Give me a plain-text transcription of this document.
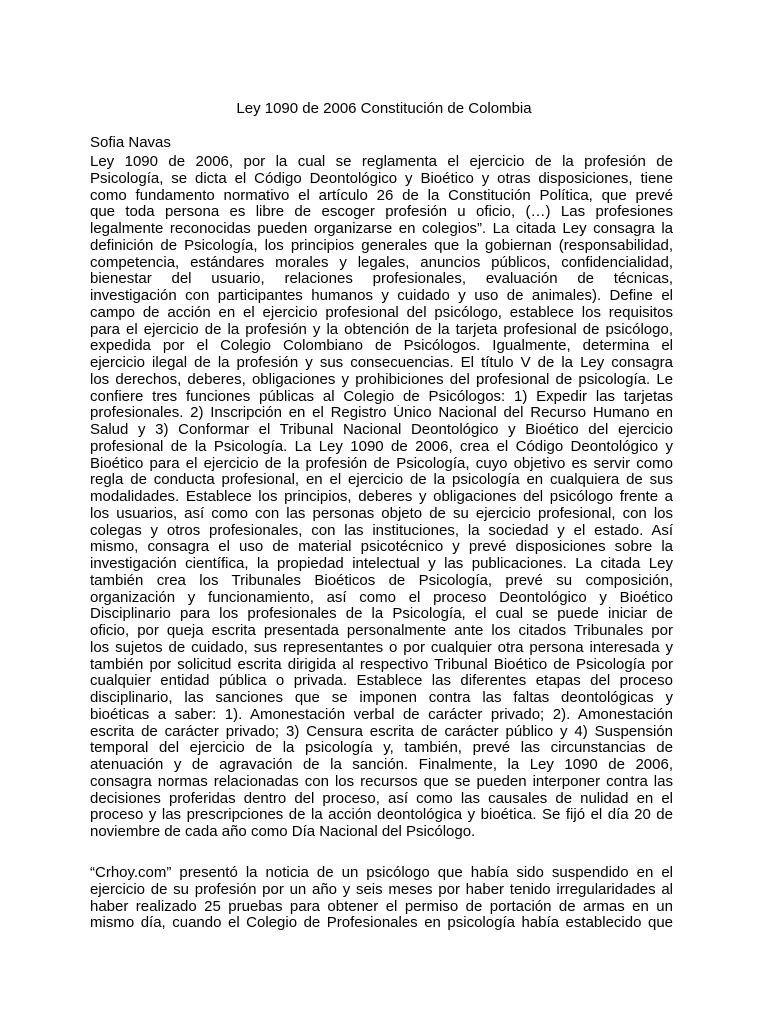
Ley 1090 de 2006 Constitución de Colombia
Sofia Navas
Ley 1090 de 2006, por la cual se reglamenta el ejercicio de la profesión de
Psicología, se dicta el Código Deontológico y Bioético y otras disposiciones, tiene
como fundamento normativo el artículo 26 de la Constitución Política, que prevé
que toda persona es libre de escoger profesión u oficio, (…) Las profesiones
legalmente reconocidas pueden organizarse en colegios”. La citada Ley consagra la
definición de Psicología, los principios generales que la gobiernan (responsabilidad,
competencia, estándares morales y legales, anuncios públicos, confidencialidad,
bienestar del usuario, relaciones profesionales, evaluación de técnicas,
investigación con participantes humanos y cuidado y uso de animales). Define el
campo de acción en el ejercicio profesional del psicólogo, establece los requisitos
para el ejercicio de la profesión y la obtención de la tarjeta profesional de psicólogo,
expedida por el Colegio Colombiano de Psicólogos. Igualmente, determina el
ejercicio ilegal de la profesión y sus consecuencias. El título V de la Ley consagra
los derechos, deberes, obligaciones y prohibiciones del profesional de psicología. Le
confiere tres funciones públicas al Colegio de Psicólogos: 1) Expedir las tarjetas
profesionales. 2) Inscripción en el Registro Único Nacional del Recurso Humano en
Salud y 3) Conformar el Tribunal Nacional Deontológico y Bioético del ejercicio
profesional de la Psicología. La Ley 1090 de 2006, crea el Código Deontológico y
Bioético para el ejercicio de la profesión de Psicología, cuyo objetivo es servir como
regla de conducta profesional, en el ejercicio de la psicología en cualquiera de sus
modalidades. Establece los principios, deberes y obligaciones del psicólogo frente a
los usuarios, así como con las personas objeto de su ejercicio profesional, con los
colegas y otros profesionales, con las instituciones, la sociedad y el estado. Así
mismo, consagra el uso de material psicotécnico y prevé disposiciones sobre la
investigación científica, la propiedad intelectual y las publicaciones. La citada Ley
también crea los Tribunales Bioéticos de Psicología, prevé su composición,
organización y funcionamiento, así como el proceso Deontológico y Bioético
Disciplinario para los profesionales de la Psicología, el cual se puede iniciar de
oficio, por queja escrita presentada personalmente ante los citados Tribunales por
los sujetos de cuidado, sus representantes o por cualquier otra persona interesada y
también por solicitud escrita dirigida al respectivo Tribunal Bioético de Psicología por
cualquier entidad pública o privada. Establece las diferentes etapas del proceso
disciplinario, las sanciones que se imponen contra las faltas deontológicas y
bioéticas a saber: 1). Amonestación verbal de carácter privado; 2). Amonestación
escrita de carácter privado; 3) Censura escrita de carácter público y 4) Suspensión
temporal del ejercicio de la psicología y, también, prevé las circunstancias de
atenuación y de agravación de la sanción. Finalmente, la Ley 1090 de 2006,
consagra normas relacionadas con los recursos que se pueden interponer contra las
decisiones proferidas dentro del proceso, así como las causales de nulidad en el
proceso y las prescripciones de la acción deontológica y bioética. Se fijó el día 20 de
noviembre de cada año como Día Nacional del Psicólogo.
“Crhoy.com” presentó la noticia de un psicólogo que había sido suspendido en el
ejercicio de su profesión por un año y seis meses por haber tenido irregularidades al
haber realizado 25 pruebas para obtener el permiso de portación de armas en un
mismo día, cuando el Colegio de Profesionales en psicología había establecido que
